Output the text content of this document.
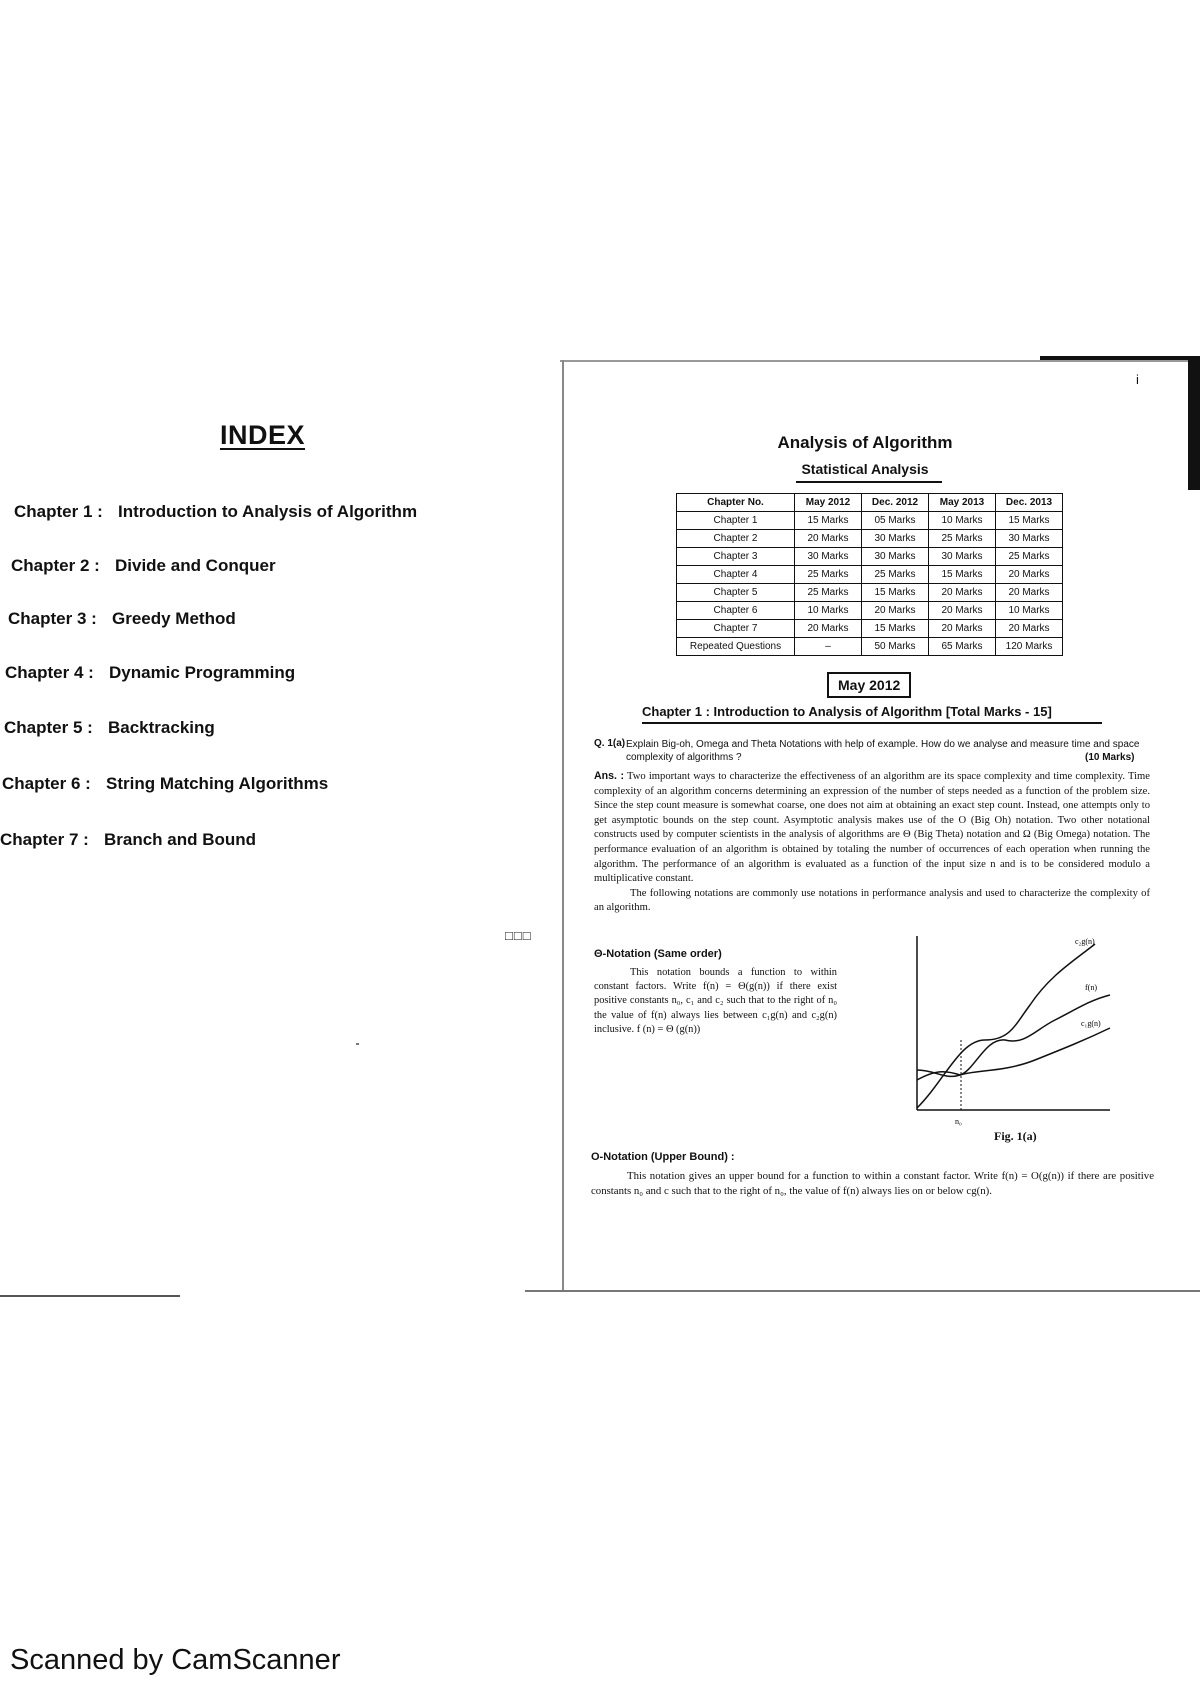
INDEX
Chapter 1 : Introduction to Analysis of Algorithm
Chapter 2 : Divide and Conquer
Chapter 3 : Greedy Method
Chapter 4 : Dynamic Programming
Chapter 5 : Backtracking
Chapter 6 : String Matching Algorithms
Chapter 7 : Branch and Bound
□□□
i
Analysis of Algorithm
Statistical Analysis
Chapter No.	May 2012	Dec. 2012	May 2013	Dec. 2013
Chapter 1	15 Marks	05 Marks	10 Marks	15 Marks
Chapter 2	20 Marks	30 Marks	25 Marks	30 Marks
Chapter 3	30 Marks	30 Marks	30 Marks	25 Marks
Chapter 4	25 Marks	25 Marks	15 Marks	20 Marks
Chapter 5	25 Marks	15 Marks	20 Marks	20 Marks
Chapter 6	10 Marks	20 Marks	20 Marks	10 Marks
Chapter 7	20 Marks	15 Marks	20 Marks	20 Marks
Repeated Questions	–	50 Marks	65 Marks	120 Marks
May 2012
Chapter 1 : Introduction to Analysis of Algorithm [Total Marks - 15]
Q. 1(a) Explain Big-oh, Omega and Theta Notations with help of example. How do we analyse and measure time and space complexity of algorithms ?	(10 Marks)
Ans. : Two important ways to characterize the effectiveness of an algorithm are its space complexity and time complexity. Time complexity of an algorithm concerns determining an expression of the number of steps needed as a function of the problem size. Since the step count measure is somewhat coarse, one does not aim at obtaining an exact step count. Instead, one attempts only to get asymptotic bounds on the step count. Asymptotic analysis makes use of the O (Big Oh) notation. Two other notational constructs used by computer scientists in the analysis of algorithms are Θ (Big Theta) notation and Ω (Big Omega) notation. The performance evaluation of an algorithm is obtained by totaling the number of occurrences of each operation when running the algorithm. The performance of an algorithm is evaluated as a function of the input size n and is to be considered modulo a multiplicative constant.
The following notations are commonly use notations in performance analysis and used to characterize the complexity of an algorithm.
Θ-Notation (Same order)
This notation bounds a function to within constant factors. Write f(n) = Θ(g(n)) if there exist positive constants n₀, c₁ and c₂ such that to the right of n₀ the value of f(n) always lies between c₁g(n) and c₂g(n) inclusive. f (n) = Θ (g(n))
c₂g(n)
f(n)
c₁g(n)
n₀
Fig. 1(a)
O-Notation (Upper Bound) :
This notation gives an upper bound for a function to within a constant factor. Write f(n) = O(g(n)) if there are positive constants n₀ and c such that to the right of n₀, the value of f(n) always lies on or below cg(n).
Scanned by CamScanner
